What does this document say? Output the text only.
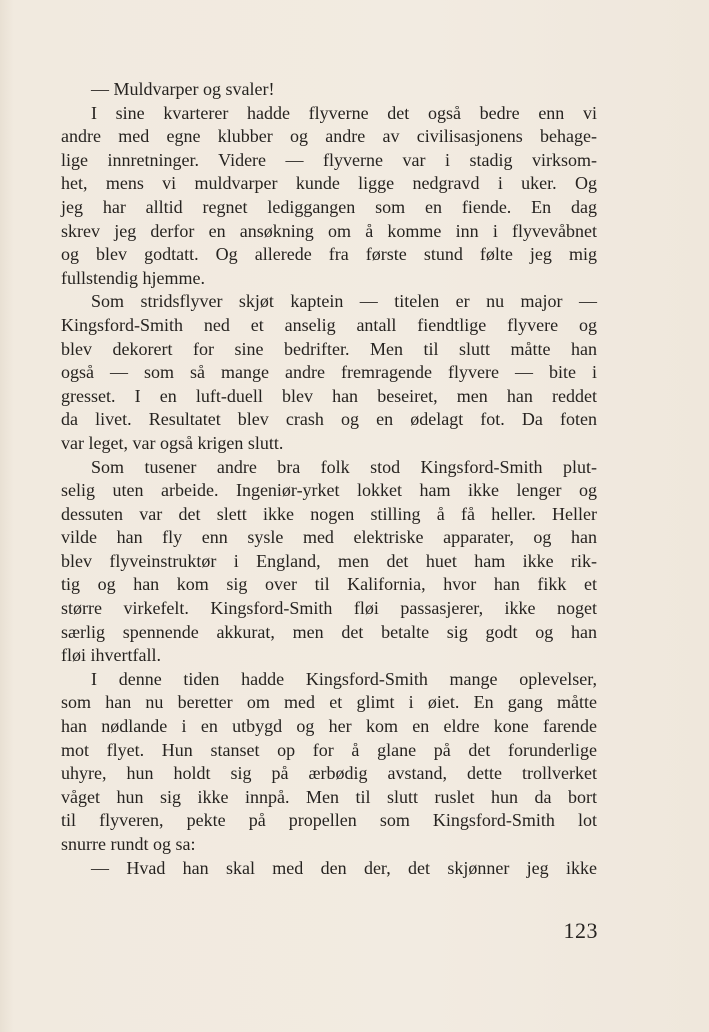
— Muldvarper og svaler!

I sine kvarterer hadde flyverne det også bedre enn vi
andre med egne klubber og andre av civilisasjonens behage-
lige innretninger. Videre — flyverne var i stadig virksom-
het, mens vi muldvarper kunde ligge nedgravd i uker. Og
jeg har alltid regnet lediggangen som en fiende. En dag
skrev jeg derfor en ansøkning om å komme inn i flyvevåbnet
og blev godtatt. Og allerede fra første stund følte jeg mig
fullstendig hjemme.

Som stridsflyver skjøt kaptein — titelen er nu major —
Kingsford-Smith ned et anselig antall fiendtlige flyvere og
blev dekorert for sine bedrifter. Men til slutt måtte han
også — som så mange andre fremragende flyvere — bite i
gresset. I en luft-duell blev han beseiret, men han reddet
da livet. Resultatet blev crash og en ødelagt fot. Da foten
var leget, var også krigen slutt.

Som tusener andre bra folk stod Kingsford-Smith plut-
selig uten arbeide. Ingeniør-yrket lokket ham ikke lenger og
dessuten var det slett ikke nogen stilling å få heller. Heller
vilde han fly enn sysle med elektriske apparater, og han
blev flyveinstruktør i England, men det huet ham ikke rik-
tig og han kom sig over til Kalifornia, hvor han fikk et
større virkefelt. Kingsford-Smith fløi passasjerer, ikke noget
særlig spennende akkurat, men det betalte sig godt og han
fløi ihvertfall.

I denne tiden hadde Kingsford-Smith mange oplevelser,
som han nu beretter om med et glimt i øiet. En gang måtte
han nødlande i en utbygd og her kom en eldre kone farende
mot flyet. Hun stanset op for å glane på det forunderlige
uhyre, hun holdt sig på ærbødig avstand, dette trollverket
våget hun sig ikke innpå. Men til slutt ruslet hun da bort
til flyveren, pekte på propellen som Kingsford-Smith lot
snurre rundt og sa:

— Hvad han skal med den der, det skjønner jeg ikke

123
